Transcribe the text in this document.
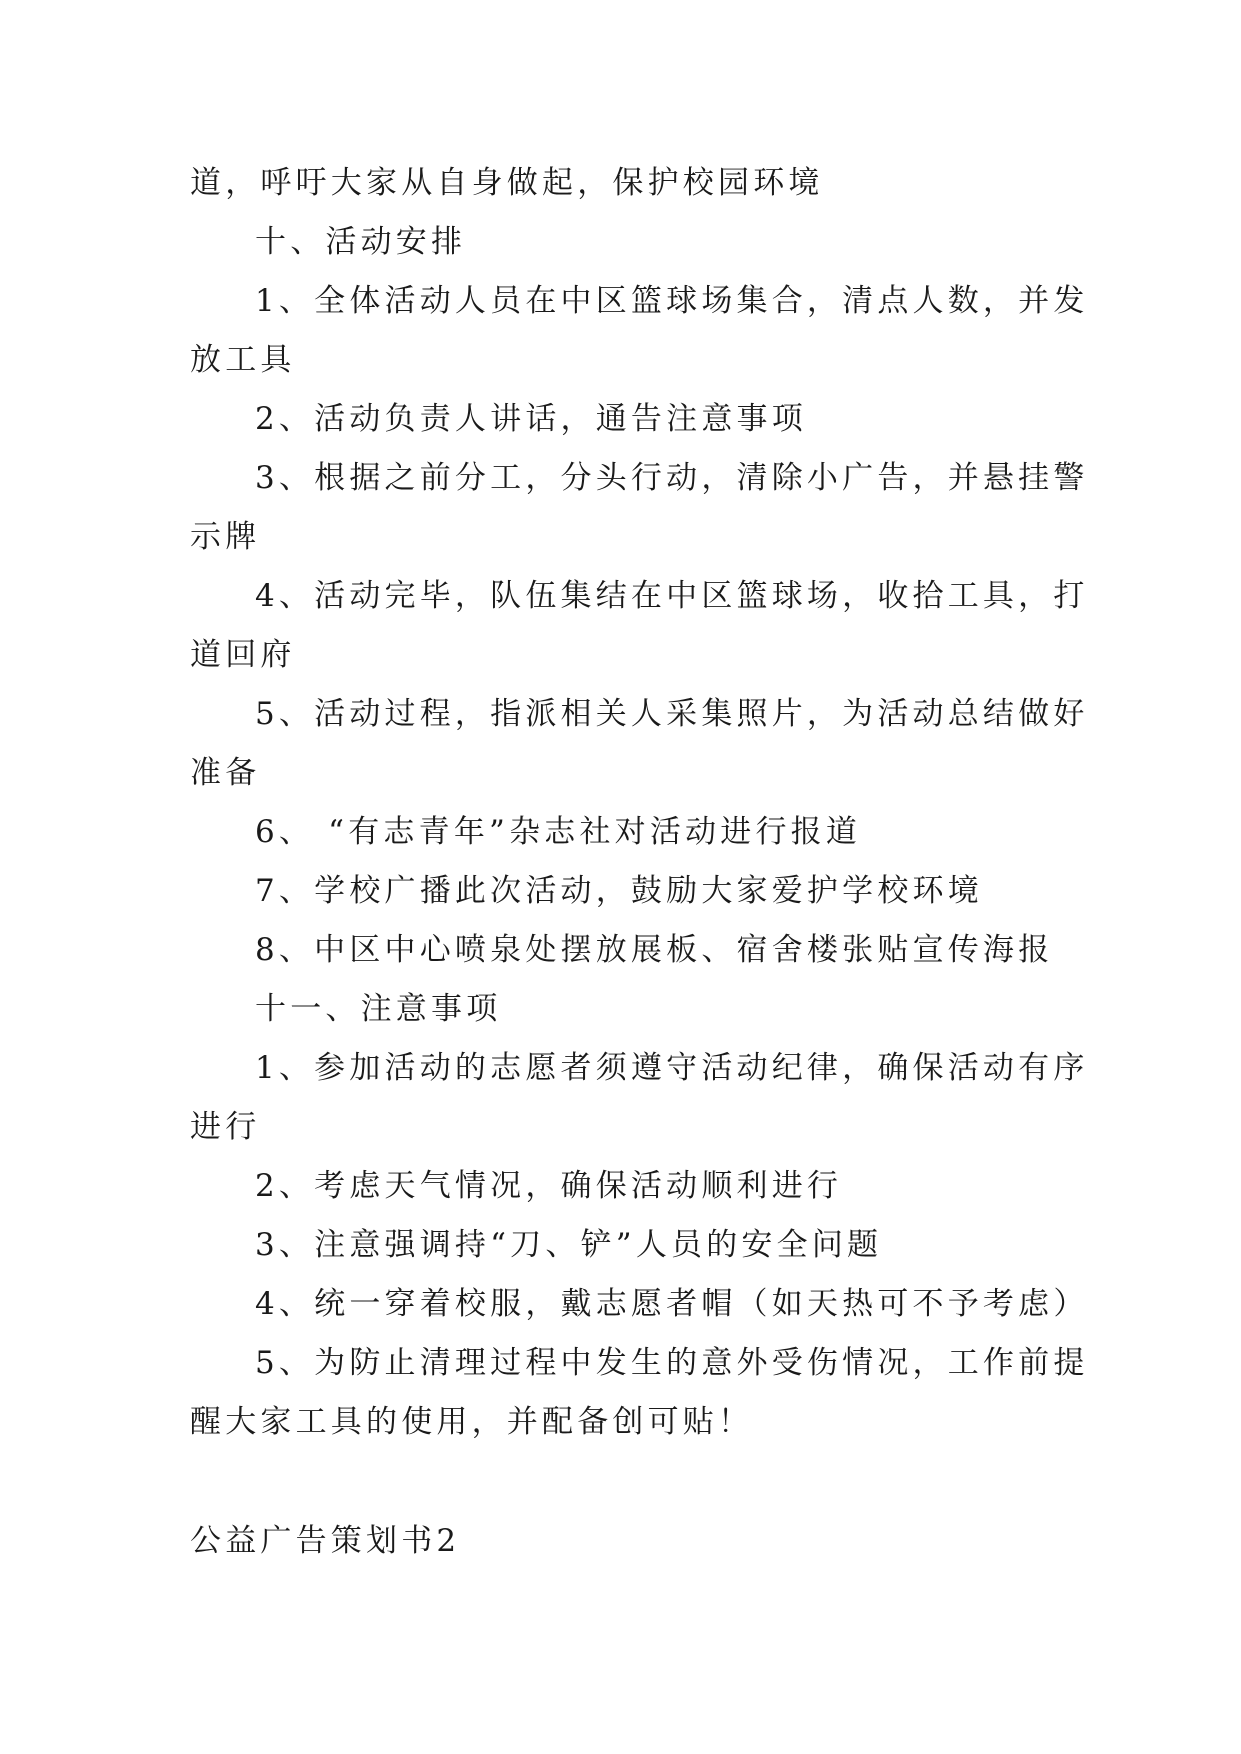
道，呼吁大家从自身做起，保护校园环境
十、活动安排
1、全体活动人员在中区篮球场集合，清点人数，并发
放工具
2、活动负责人讲话，通告注意事项
3、根据之前分工，分头行动，清除小广告，并悬挂警
示牌
4、活动完毕，队伍集结在中区篮球场，收拾工具，打
道回府
5、活动过程，指派相关人采集照片，为活动总结做好
准备
6、 “有志青年”杂志社对活动进行报道
7、学校广播此次活动，鼓励大家爱护学校环境
8、中区中心喷泉处摆放展板、宿舍楼张贴宣传海报
十一、注意事项
1、参加活动的志愿者须遵守活动纪律，确保活动有序
进行
2、考虑天气情况，确保活动顺利进行
3、注意强调持“刀、铲”人员的安全问题
4、统一穿着校服，戴志愿者帽（如天热可不予考虑）
5、为防止清理过程中发生的意外受伤情况，工作前提
醒大家工具的使用，并配备创可贴！
公益广告策划书2
